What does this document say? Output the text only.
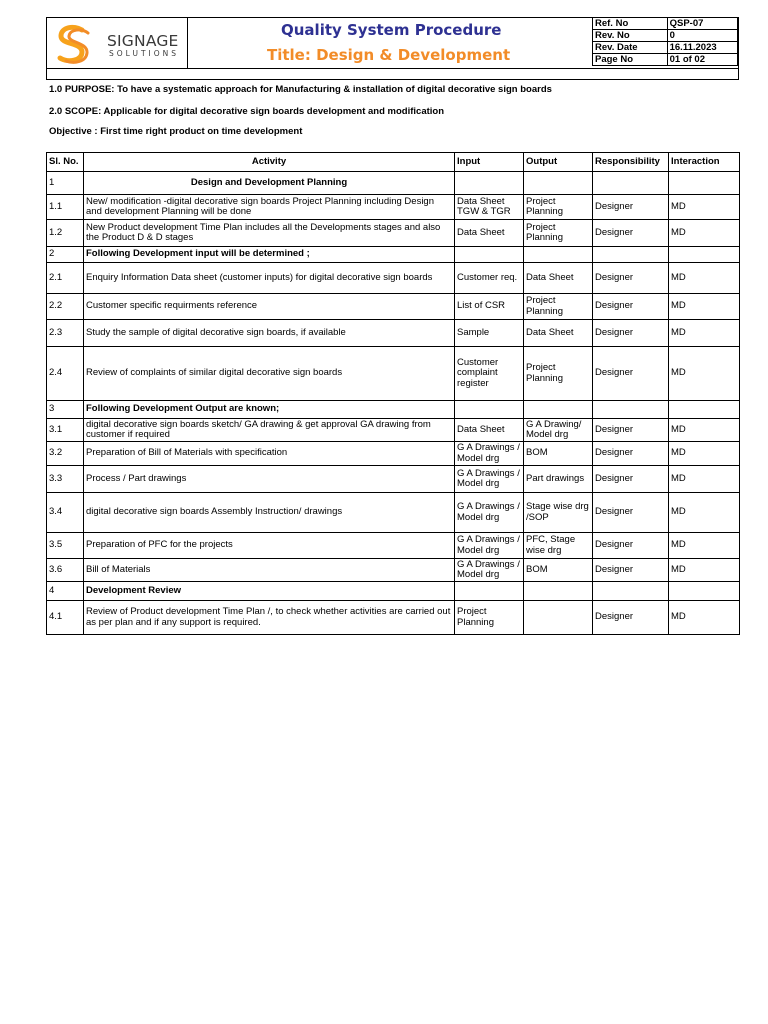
SIGNAGE
SOLUTIONS
Quality System Procedure
Title: Design & Development
Ref. No	QSP-07
Rev. No	0
Rev. Date	16.11.2023
Page No	01 of 02
1.0 PURPOSE: To have a systematic approach for Manufacturing & installation of digital decorative sign boards
2.0 SCOPE: Applicable for digital decorative sign boards development and modification
Objective : First time right product on time development
Sl. No.	Activity	Input	Output	Responsibility	Interaction
1	Design and Development Planning				
1.1	New/ modification -digital decorative sign boards Project Planning including Design and development Planning will be done	Data Sheet TGW & TGR	Project Planning	Designer	MD
1.2	New Product development Time Plan includes all the Developments stages and also the Product D & D stages	Data Sheet	Project Planning	Designer	MD
2	Following Development input will be determined ;				
2.1	Enquiry Information Data sheet (customer inputs) for digital decorative sign boards	Customer req.	Data Sheet	Designer	MD
2.2	Customer specific requirments reference	List of CSR	Project Planning	Designer	MD
2.3	Study the sample of digital decorative sign boards, if available	Sample	Data Sheet	Designer	MD
2.4	Review of complaints of similar digital decorative sign boards	Customer complaint register	Project Planning	Designer	MD
3	Following Development Output are known;				
3.1	digital decorative sign boards sketch/ GA drawing & get approval GA drawing from customer if required	Data Sheet	G A Drawing/ Model drg	Designer	MD
3.2	Preparation of Bill of Materials with specification	G A Drawings / Model drg	BOM	Designer	MD
3.3	Process / Part drawings	G A Drawings / Model drg	Part drawings	Designer	MD
3.4	digital decorative sign boards Assembly Instruction/ drawings	G A Drawings / Model drg	Stage wise drg /SOP	Designer	MD
3.5	Preparation of PFC for the projects	G A Drawings / Model drg	PFC, Stage wise drg	Designer	MD
3.6	Bill of Materials	G A Drawings / Model drg	BOM	Designer	MD
4	Development Review				
4.1	Review of Product development Time Plan /, to check whether activities are carried out as per plan and if any support is required.	Project Planning		Designer	MD
